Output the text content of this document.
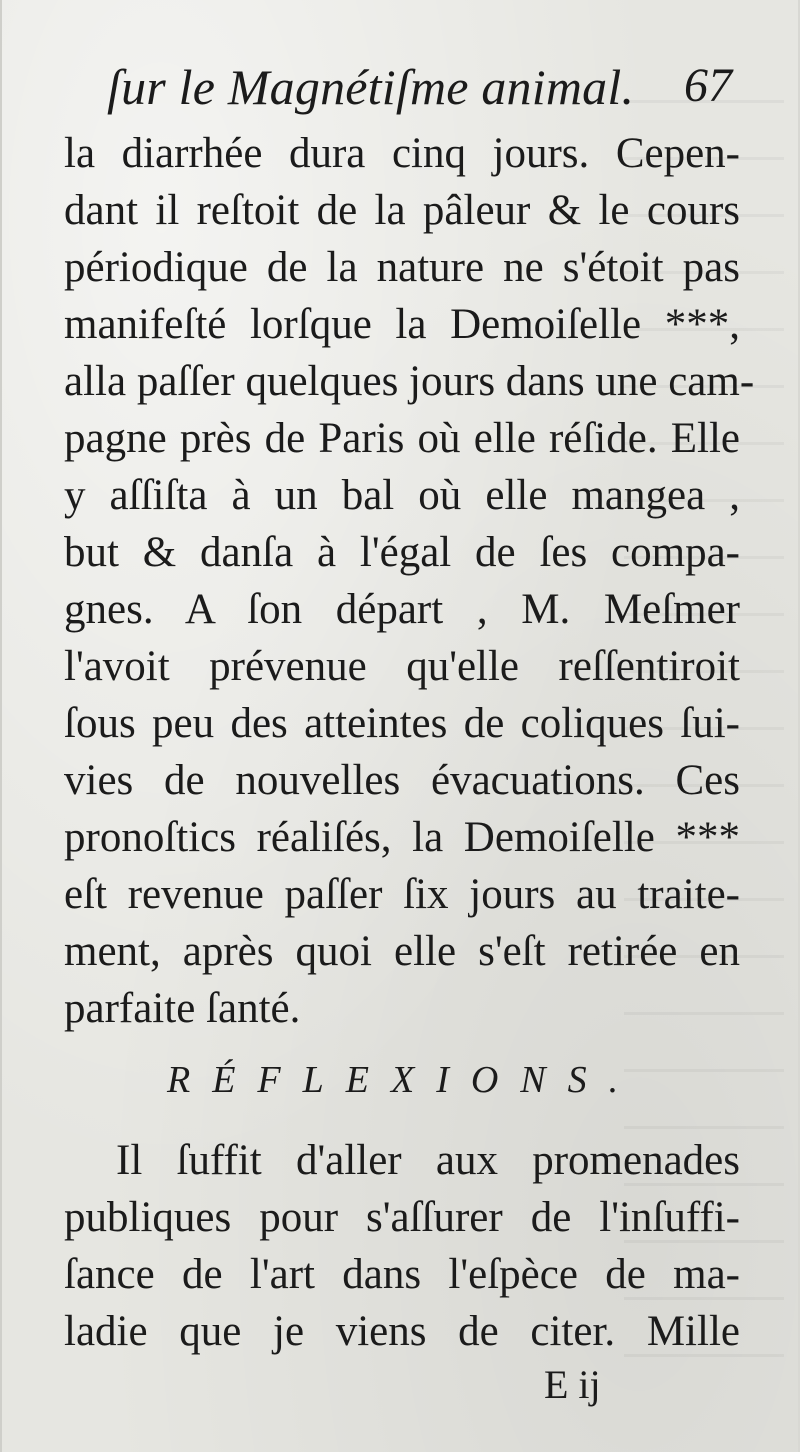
ſur le Magnétiſme animal. 67
la diarrhée dura cinq jours. Cepen-
dant il reſtoit de la pâleur & le cours
périodique de la nature ne s'étoit pas
manifeſté lorſque la Demoiſelle ***,
alla paſſer quelques jours dans une cam-
pagne près de Paris où elle réſide. Elle
y aſſiſta à un bal où elle mangea ,
but & danſa à l'égal de ſes compa-
gnes. A ſon départ , M. Meſmer
l'avoit prévenue qu'elle reſſentiroit
ſous peu des atteintes de coliques ſui-
vies de nouvelles évacuations. Ces
pronoſtics réaliſés, la Demoiſelle ***
eſt revenue paſſer ſix jours au traite-
ment, après quoi elle s'eſt retirée en
parfaite ſanté.
RÉFLEXIONS.
Il ſuffit d'aller aux promenades
publiques pour s'aſſurer de l'inſuffi-
ſance de l'art dans l'eſpèce de ma-
ladie que je viens de citer. Mille
E ij
